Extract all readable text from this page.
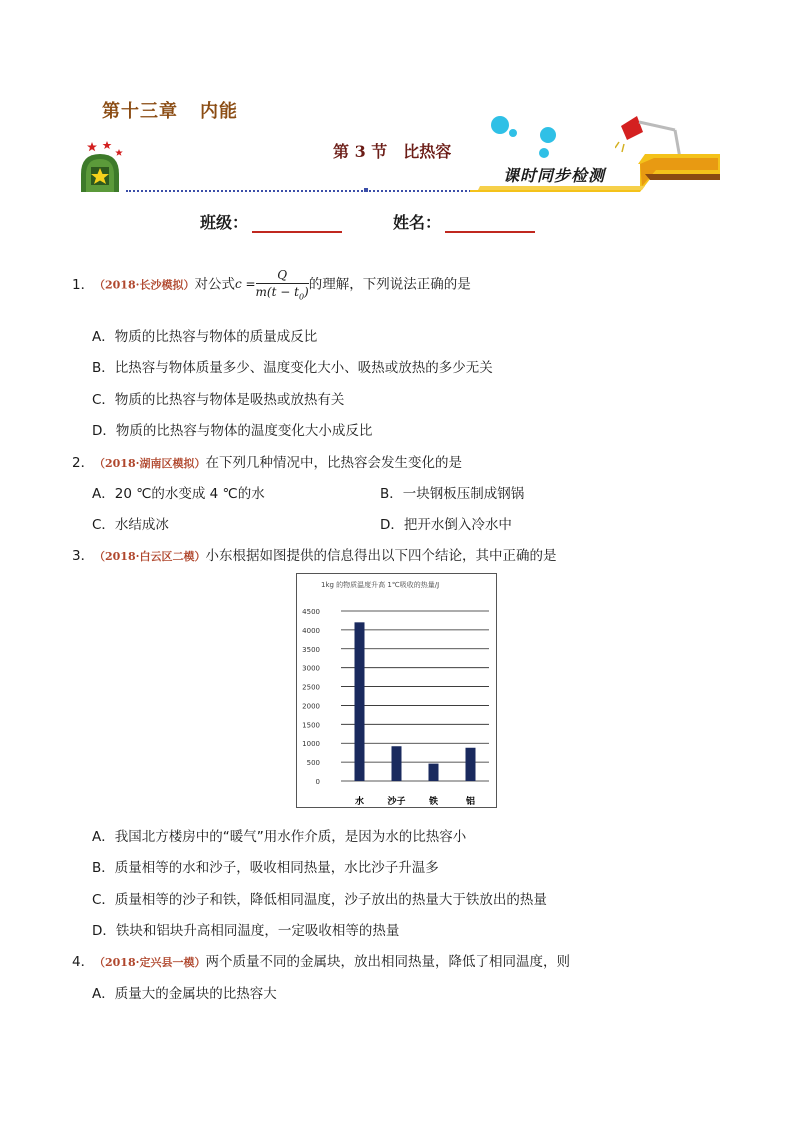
第十三章 内能
第 3 节 比热容
课时同步检测
班级：	姓名：
1．（2018·长沙模拟）对公式$c = \frac{Q}{m(t - t_0)}$ 的理解，下列说法正确的是
A．物质的比热容与物体的质量成反比
B．比热容与物体质量多少、温度变化大小、吸热或放热的多少无关
C．物质的比热容与物体是吸热或放热有关
D．物质的比热容与物体的温度变化大小成反比
2．（2018·湖南区模拟）在下列几种情况中，比热容会发生变化的是
A．20 ℃的水变成 4 ℃的水	B．一块钢板压制成钢锅
C．水结成冰	D．把开水倒入冷水中
3．（2018·白云区二模）小东根据如图提供的信息得出以下四个结论，其中正确的是
1kg 的物质温度升高 1℃吸收的热量/J
0
500
1000
1500
2000
2500
3000
3500
4000
4500
水	沙子	铁	铝
A．我国北方楼房中的“暖气”用水作介质，是因为水的比热容小
B．质量相等的水和沙子，吸收相同热量，水比沙子升温多
C．质量相等的沙子和铁，降低相同温度，沙子放出的热量大于铁放出的热量
D．铁块和铝块升高相同温度，一定吸收相等的热量
4．（2018·定兴县一模）两个质量不同的金属块，放出相同热量，降低了相同温度，则
A．质量大的金属块的比热容大
